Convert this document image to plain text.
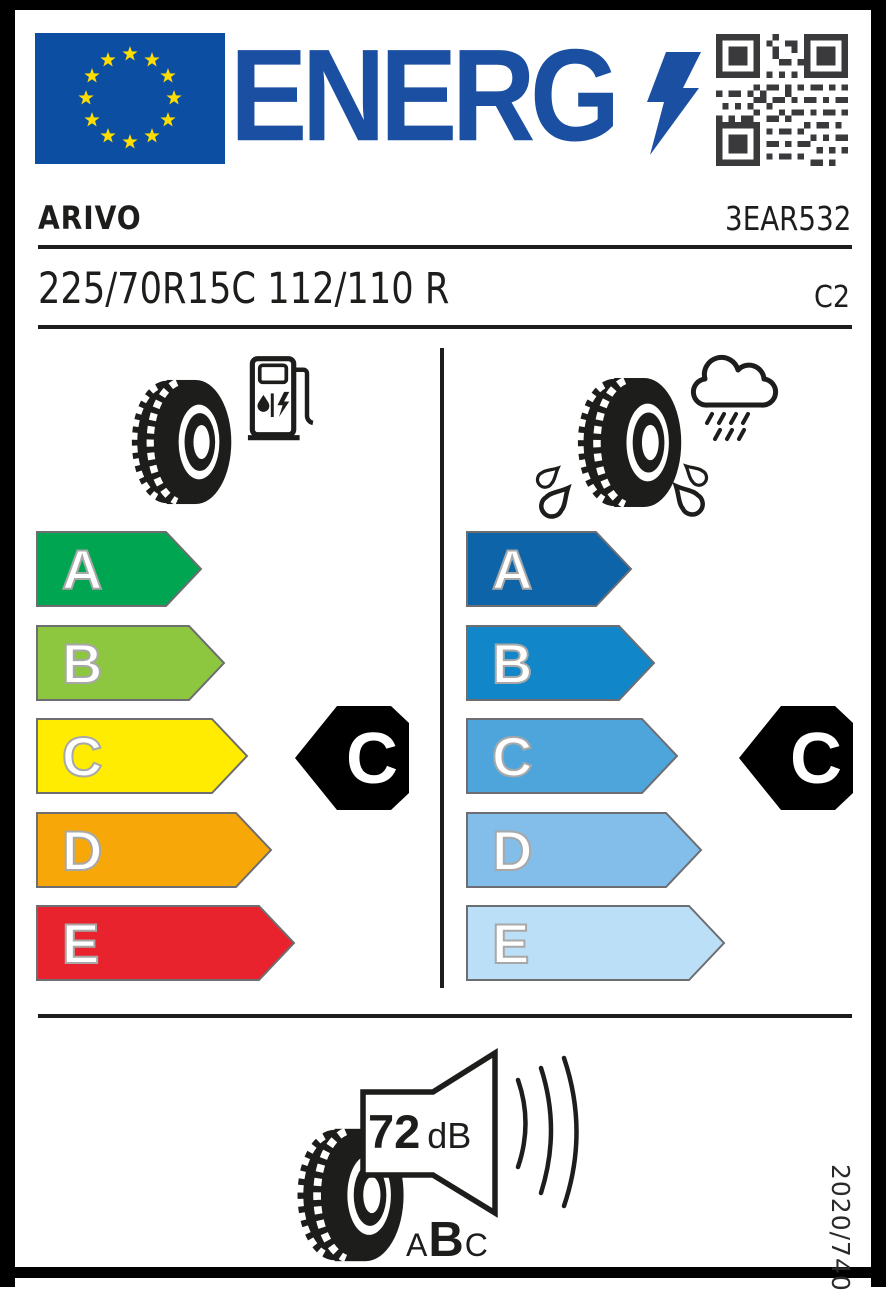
ENERG
ARIVO	3EAR532
225/70R15C 112/110 R	C2
A
B
C
D
E
C
A
B
C
D
E
C
72 dB
A B C	2020/740
